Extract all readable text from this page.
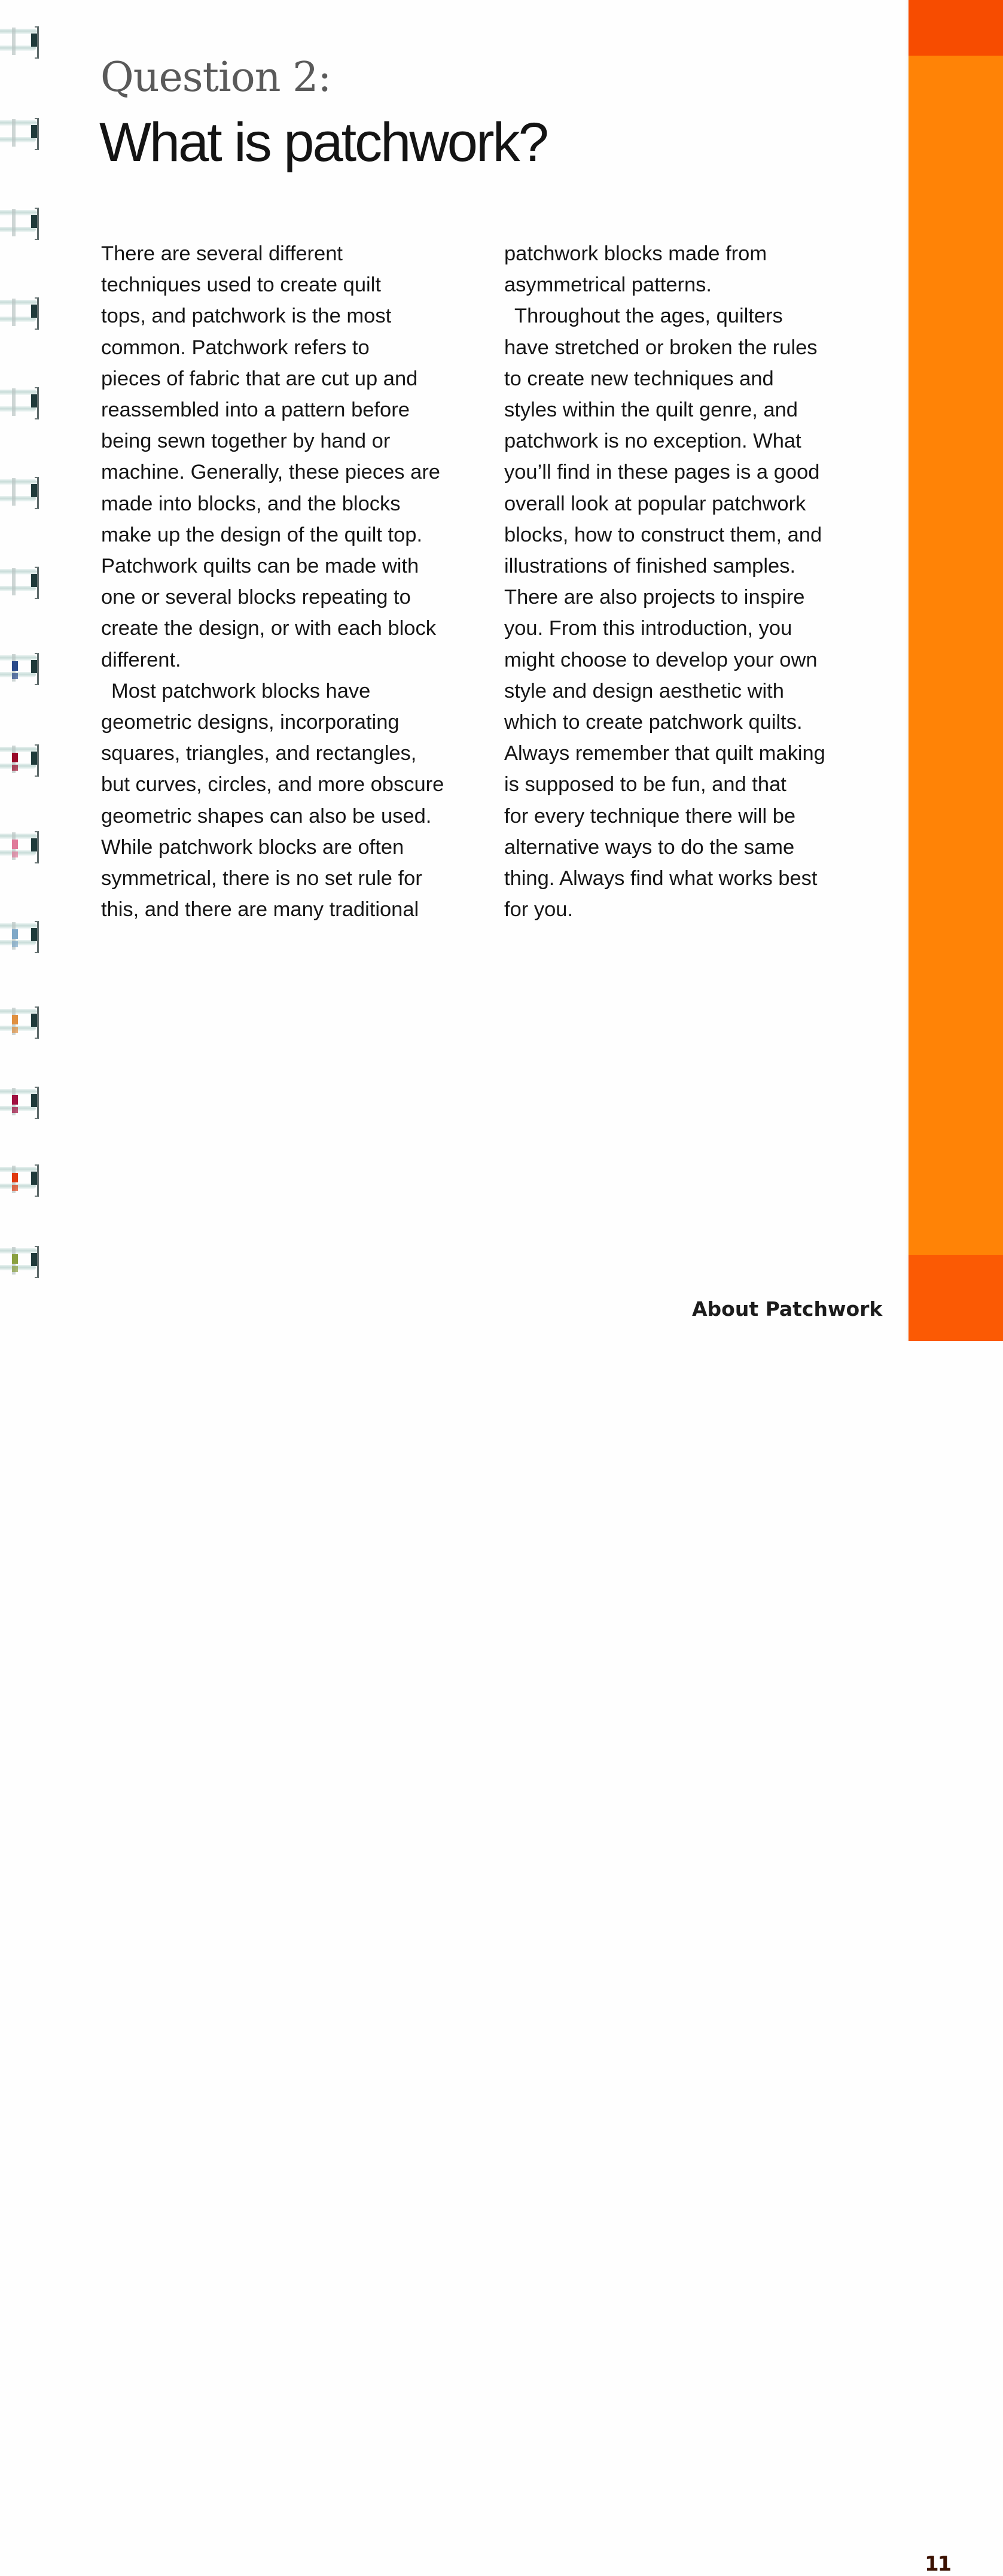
Question 2:
What is patchwork?
There are several different
techniques used to create quilt
tops, and patchwork is the most
common. Patchwork refers to
pieces of fabric that are cut up and
reassembled into a pattern before
being sewn together by hand or
machine. Generally, these pieces are
made into blocks, and the blocks
make up the design of the quilt top.
Patchwork quilts can be made with
one or several blocks repeating to
create the design, or with each block
different.
Most patchwork blocks have
geometric designs, incorporating
squares, triangles, and rectangles,
but curves, circles, and more obscure
geometric shapes can also be used.
While patchwork blocks are often
symmetrical, there is no set rule for
this, and there are many traditional
patchwork blocks made from
asymmetrical patterns.
Throughout the ages, quilters
have stretched or broken the rules
to create new techniques and
styles within the quilt genre, and
patchwork is no exception. What
you’ll find in these pages is a good
overall look at popular patchwork
blocks, how to construct them, and
illustrations of finished samples.
There are also projects to inspire
you. From this introduction, you
might choose to develop your own
style and design aesthetic with
which to create patchwork quilts.
Always remember that quilt making
is supposed to be fun, and that
for every technique there will be
alternative ways to do the same
thing. Always find what works best
for you.
About Patchwork
11
